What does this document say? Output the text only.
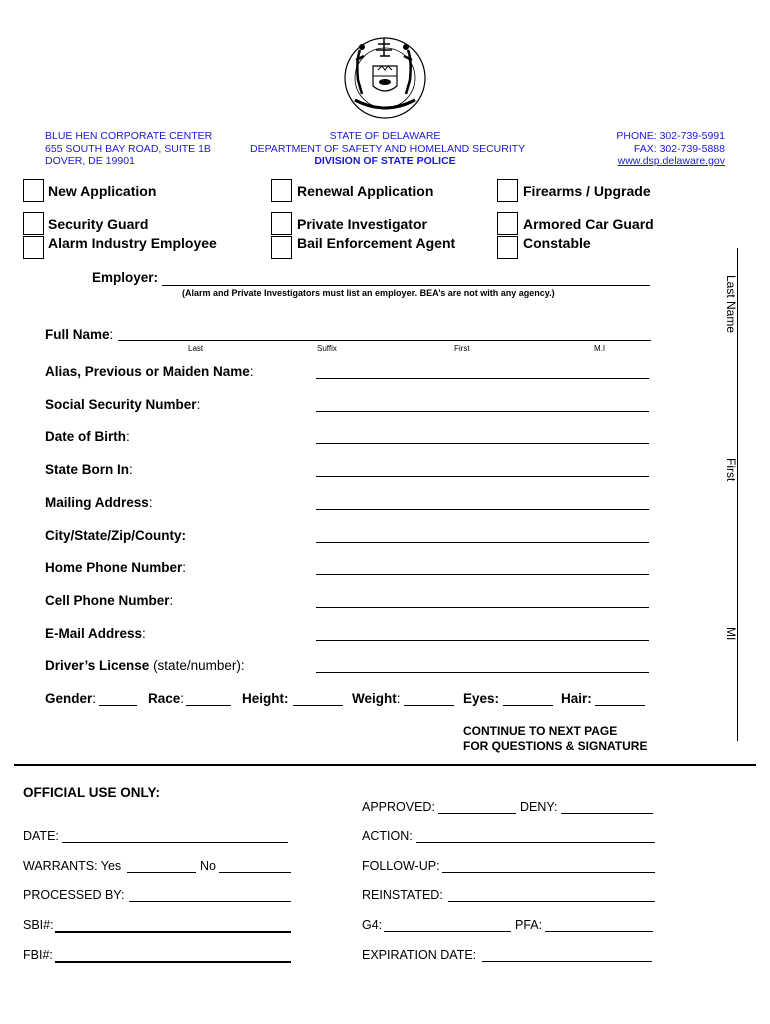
BLUE HEN CORPORATE CENTER
655 SOUTH BAY ROAD, SUITE 1B
DOVER, DE 19901
STATE OF DELAWARE
DEPARTMENT OF SAFETY AND HOMELAND SECURITY
DIVISION OF STATE POLICE
PHONE: 302-739-5991
FAX: 302-739-5888
www.dsp.delaware.gov
New Application	Renewal Application	Firearms / Upgrade
Security Guard
Alarm Industry Employee
Private Investigator
Bail Enforcement Agent
Armored Car Guard
Constable
Employer:
(Alarm and Private Investigators must list an employer. BEA’s are not with any agency.)
Full Name:
Last	Suffix	First	M.I
Alias, Previous or Maiden Name:
Social Security Number:
Date of Birth:
State Born In:
Mailing Address:
City/State/Zip/County:
Home Phone Number:
Cell Phone Number:
E-Mail Address:
Driver’s License (state/number):
Gender:	Race:	Height:	Weight:	Eyes:	Hair:
CONTINUE TO NEXT PAGE
FOR QUESTIONS & SIGNATURE
Last Name
First
MI
OFFICIAL USE ONLY:
APPROVED:	DENY:
DATE:	ACTION:
WARRANTS: Yes	No	FOLLOW-UP:
PROCESSED BY:	REINSTATED:
SBI#:	G4:	PFA:
FBI#:	EXPIRATION DATE:
